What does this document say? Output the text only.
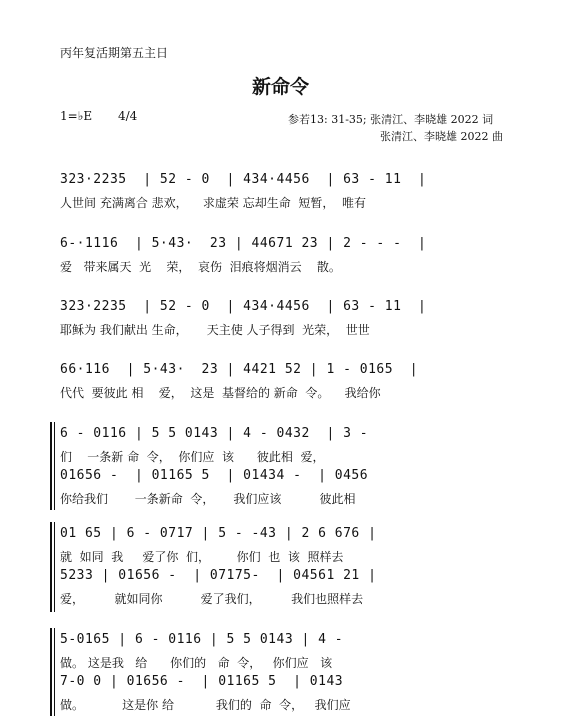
丙年复活期第五主日
新命令
1=♭E 4/4	参若13: 31-35; 张清江、李晓雄 2022 词
张清江、李晓雄 2022 曲
323·2235  | 52 - 0  | 434·4456  | 63 - 11  |
人世间 充满离合 悲欢，    求虚荣 忘却生命  短暂，  唯有
6-·1116  | 5·43·  23 | 44671 23 | 2 - - -  |
爱   带来属天  光    荣，  哀伤  泪痕将烟消云    散。
323·2235  | 52 - 0  | 434·4456  | 63 - 11  |
耶稣为 我们献出 生命，     天主使 人子得到  光荣，  世世
66·116  | 5·43·  23 | 4421 52 | 1 - 0165  |
代代  要彼此 相    爱，  这是  基督给的 新命  令。    我给你
6 - 0116 | 5 5 0143 | 4 - 0432  | 3 -
们    一条新 命  令，  你们应  该      彼此相  爱，
01656 -  | 01165 5  | 01434 -  | 0456
你给我们       一条新命  令，     我们应该          彼此相
01 65 | 6 - 0717 | 5 - -43 | 2 6 676 |
就  如同  我     爱了你  们，       你们  也  该  照样去
5233 | 01656 -  | 07175-  | 04561 21 |
爱，        就如同你          爱了我们，        我们也照样去
5-0165 | 6 - 0116 | 5 5 0143 | 4 -
做。 这是我   给      你们的   命  令，   你们应   该
7-0 0 | 01656 -  | 01165 5  | 0143
做。          这是你 给           我们的  命  令，   我们应
